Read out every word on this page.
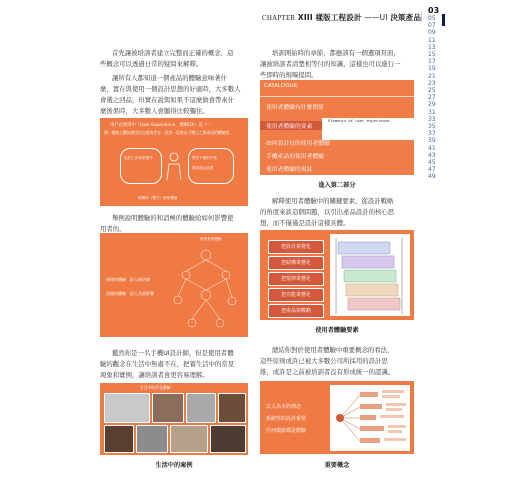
CHAPTER XIII 樣版工程設計 ——UI 決策產品
03
05
07
09
11
13
15
17
19
21
23
25
27
29
31
33
35
37
39
41
43
45
47
49
首先讓被培訓者建立完整而正確的概念，這
些概念可以透過日常的疑問來解釋。
讓所有人都知道一個產品的體驗意味著什
麼，置在與使用一個設計思想的好處時，大多數人
會選之回品，但實在說與如果不這麼做會帶來什
麼後果時，大多數人會顯得比較獨往。
用戶在使用中（User Experience，簡稱UX）是（一
個一種純主觀的感受而在使用者在一段用一段產品下體立之後形成的體驗性。
也許工作效率提升	實在不要的不要
提高產品品質
時間的（雙方）使用價值
舉例說明體驗的和消極的體驗給如何影響使
用者的。
使用者的體驗
積極的體驗　給人極快樂
消極的體驗　給人負面影響
鑑然你是一名手機UI設計師，但是使用者體
驗的觀念在生活中無處不在，把養生活中的常見
現象和實例，讓培訓者會更容易理解。
生活中的常見體驗
生活中的案例
培訓開始時的章節，都應該有一個遺項頁面，
讓被培訓者清楚相等付的知識，這樣也可以進行一
些即時的規嘔提問。
CATALOGUE
使用者體驗有什麼價值
使用者體驗的要素
Elements of user experience
如何設計好的使用者體驗
手機產品的使用者體驗
使用者體驗的現狀
進入第二部分
解釋使用者體驗中的關鍵要素，從設計戰略
的角度來談這個問題，以引出產品設計的核心思
想，而不僅僅是設計這樣具體。
把設計視覺化
把結構業務化
把規律業務化
把功能業務化
把產品與戰略
使用者體驗要素
總結你對於使用者體驗中重要概念的看法，
這些原則或許已被大多數公司所採用的設計思
維，或許是之前被培訓者沒有形成統一的認識。
以人為本的理念
系統性的設計重要
任何環節都是體驗
重要概念
